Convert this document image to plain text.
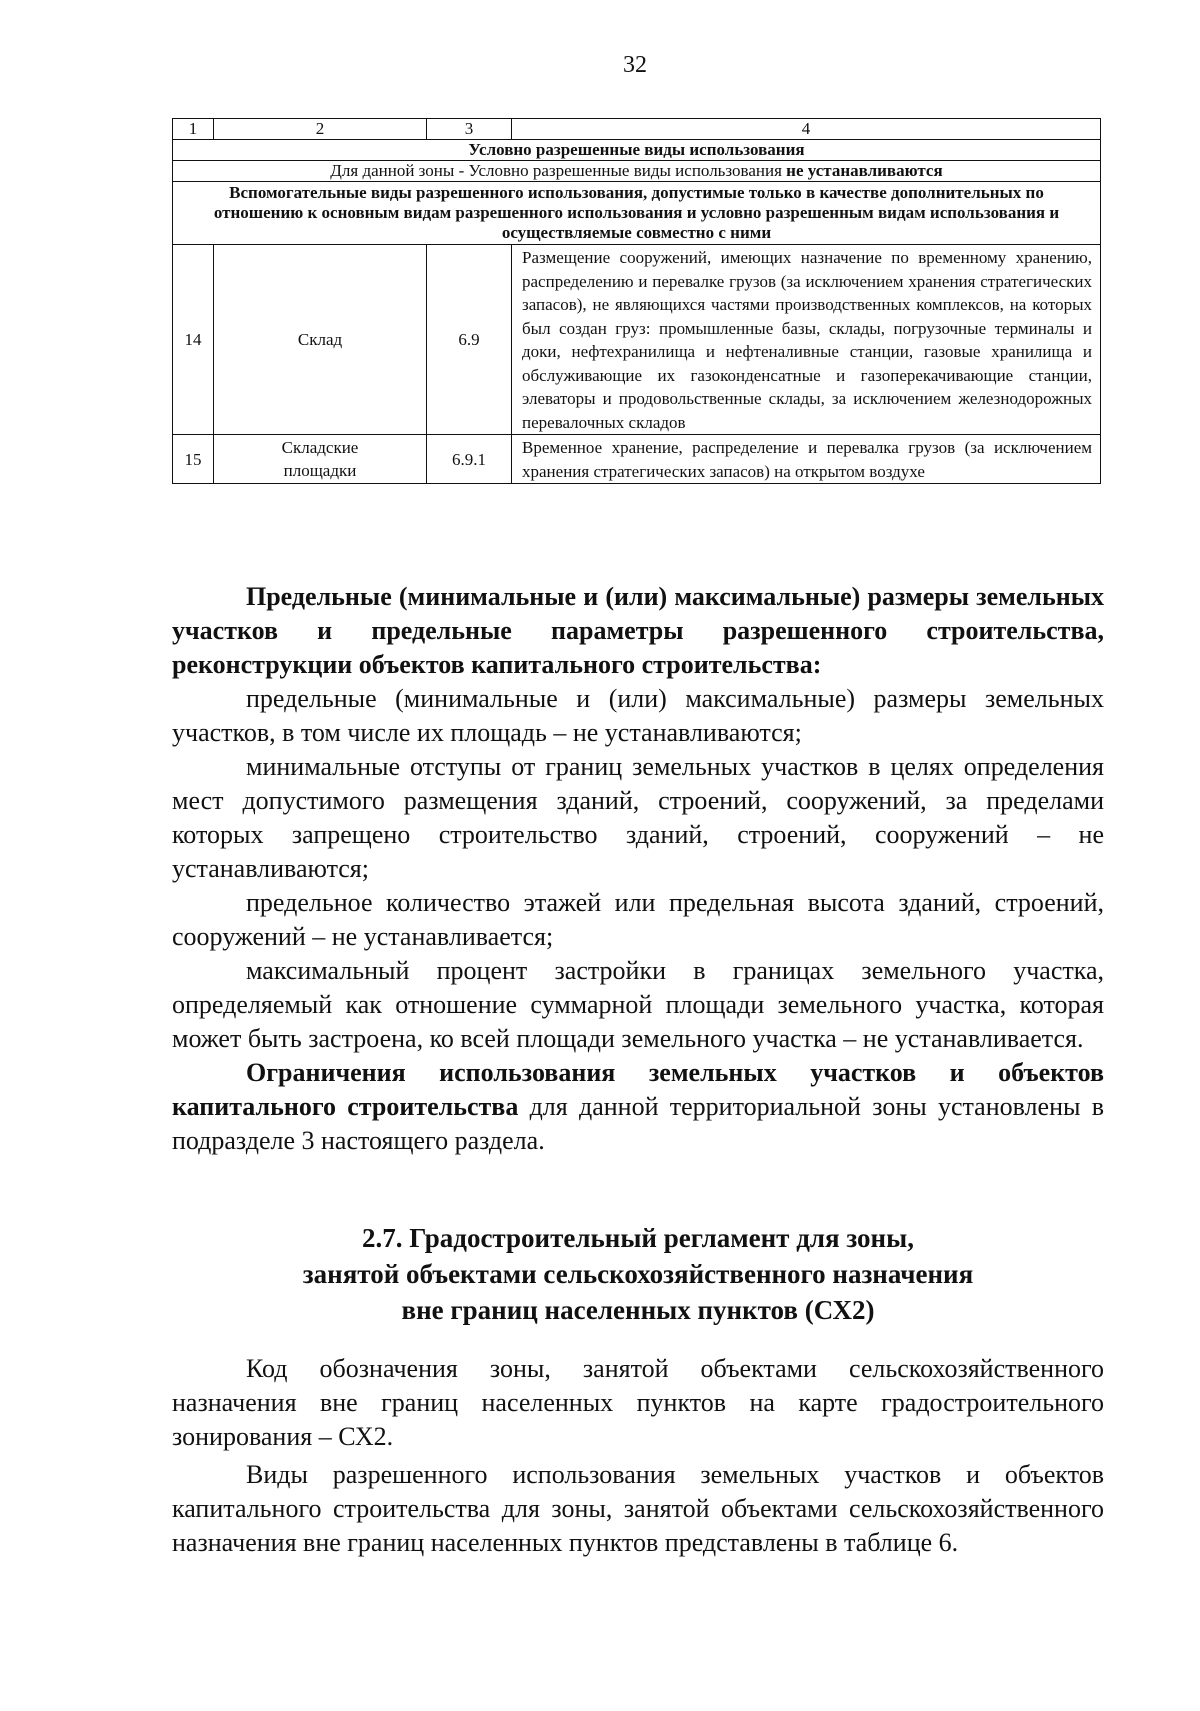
32
1	2	3	4
Условно разрешенные виды использования			
Для данной зоны - Условно разрешенные виды использования не устанавливаются			
Вспомогательные виды разрешенного использования, допустимые только в качестве дополнительных по отношению к основным видам разрешенного использования и условно разрешенным видам использования и осуществляемые совместно с ними			
14	Склад	6.9	Размещение сооружений, имеющих назначение по временному хранению, распределению и перевалке грузов (за исключением хранения стратегических запасов), не являющихся частями производственных комплексов, на которых был создан груз: промышленные базы, склады, погрузочные терминалы и доки, нефтехранилища и нефтеналивные станции, газовые хранилища и обслуживающие их газоконденсатные и газоперекачивающие станции, элеваторы и продовольственные склады, за исключением железнодорожных перевалочных складов
15	Складские площадки	6.9.1	Временное хранение, распределение и перевалка грузов (за исключением хранения стратегических запасов) на открытом воздухе

Предельные (минимальные и (или) максимальные) размеры земельных участков и предельные параметры разрешенного строительства, реконструкции объектов капитального строительства:

предельные (минимальные и (или) максимальные) размеры земельных участков, в том числе их площадь – не устанавливаются;

минимальные отступы от границ земельных участков в целях определения мест допустимого размещения зданий, строений, сооружений, за пределами которых запрещено строительство зданий, строений, сооружений – не устанавливаются;

предельное количество этажей или предельная высота зданий, строений, сооружений – не устанавливается;

максимальный процент застройки в границах земельного участка, определяемый как отношение суммарной площади земельного участка, которая может быть застроена, ко всей площади земельного участка – не устанавливается.

Ограничения использования земельных участков и объектов капитального строительства для данной территориальной зоны установлены в подразделе 3 настоящего раздела.

2.7. Градостроительный регламент для зоны,
занятой объектами сельскохозяйственного назначения
вне границ населенных пунктов (СХ2)

Код обозначения зоны, занятой объектами сельскохозяйственного назначения вне границ населенных пунктов на карте градостроительного зонирования – СХ2.

Виды разрешенного использования земельных участков и объектов капитального строительства для зоны, занятой объектами сельскохозяйственного назначения вне границ населенных пунктов представлены в таблице 6.
